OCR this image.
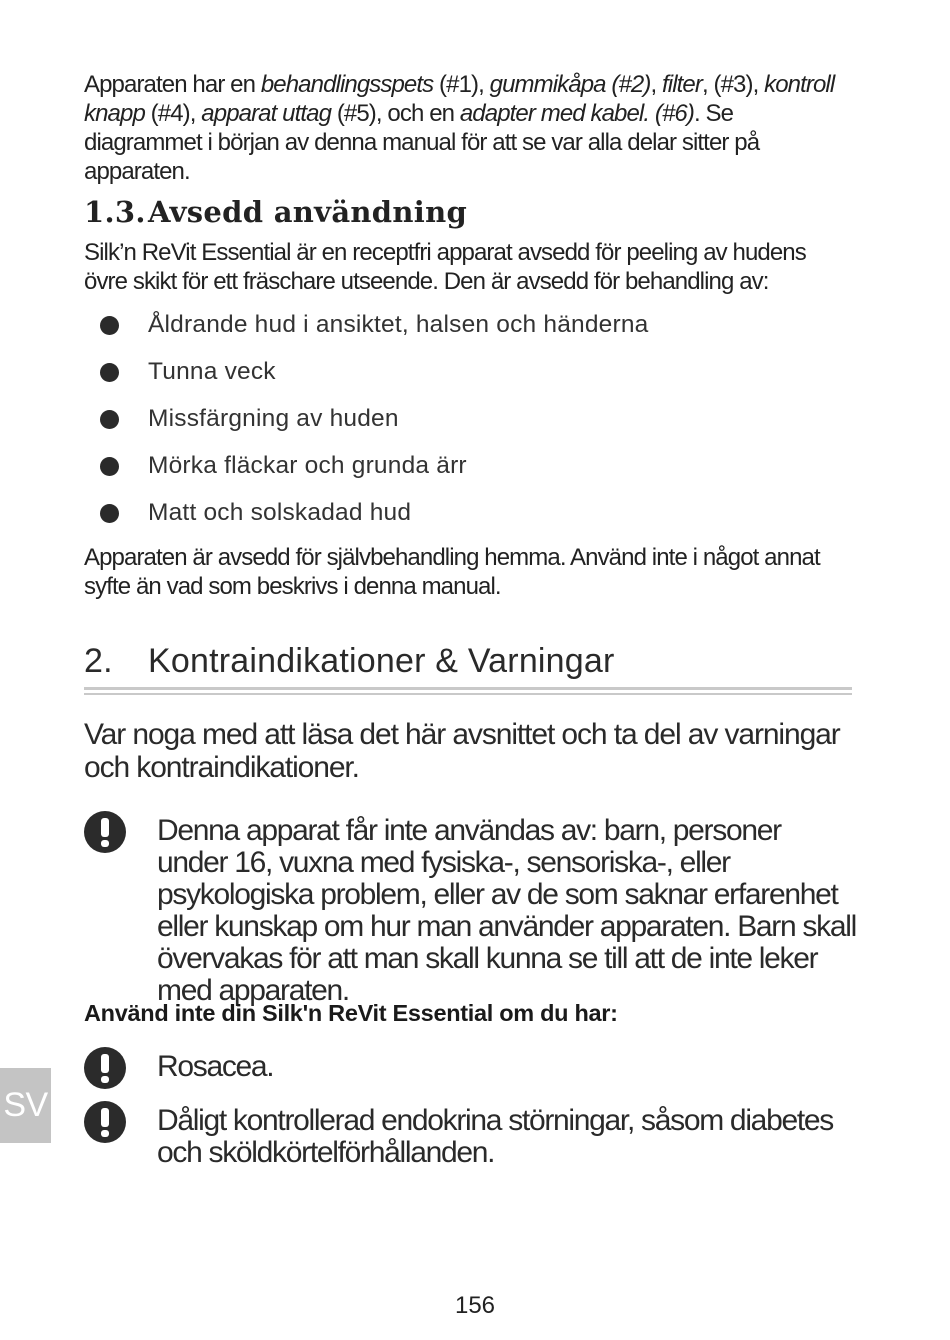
Apparaten har en behandlingsspets (#1), gummikåpa (#2), filter, (#3), kontroll knapp (#4), apparat uttag (#5), och en adapter med kabel. (#6). Se diagrammet i början av denna manual för att se var alla delar sitter på apparaten.
1.3.Avsedd användning
Silk’n ReVit Essential är en receptfri apparat avsedd för peeling av hudens övre skikt för ett fräschare utseende. Den är avsedd för behandling av:
Åldrande hud i ansiktet, halsen och händerna
Tunna veck
Missfärgning av huden
Mörka fläckar och grunda ärr
Matt och solskadad hud
Apparaten är avsedd för självbehandling hemma. Använd inte i något annat syfte än vad som beskrivs i denna manual.
2. Kontraindikationer & Varningar
Var noga med att läsa det här avsnittet och ta del av varningar och kontraindikationer.
Denna apparat får inte användas av: barn, personer under 16, vuxna med fysiska-, sensoriska-, eller psykologiska problem, eller av de som saknar erfarenhet eller kunskap om hur man använder apparaten. Barn skall övervakas för att man skall kunna se till att de inte leker med apparaten.
Använd inte din Silk'n ReVit Essential om du har:
Rosacea.
Dåligt kontrollerad endokrina störningar, såsom diabetes och sköldkörtelförhållanden.
SV
156
